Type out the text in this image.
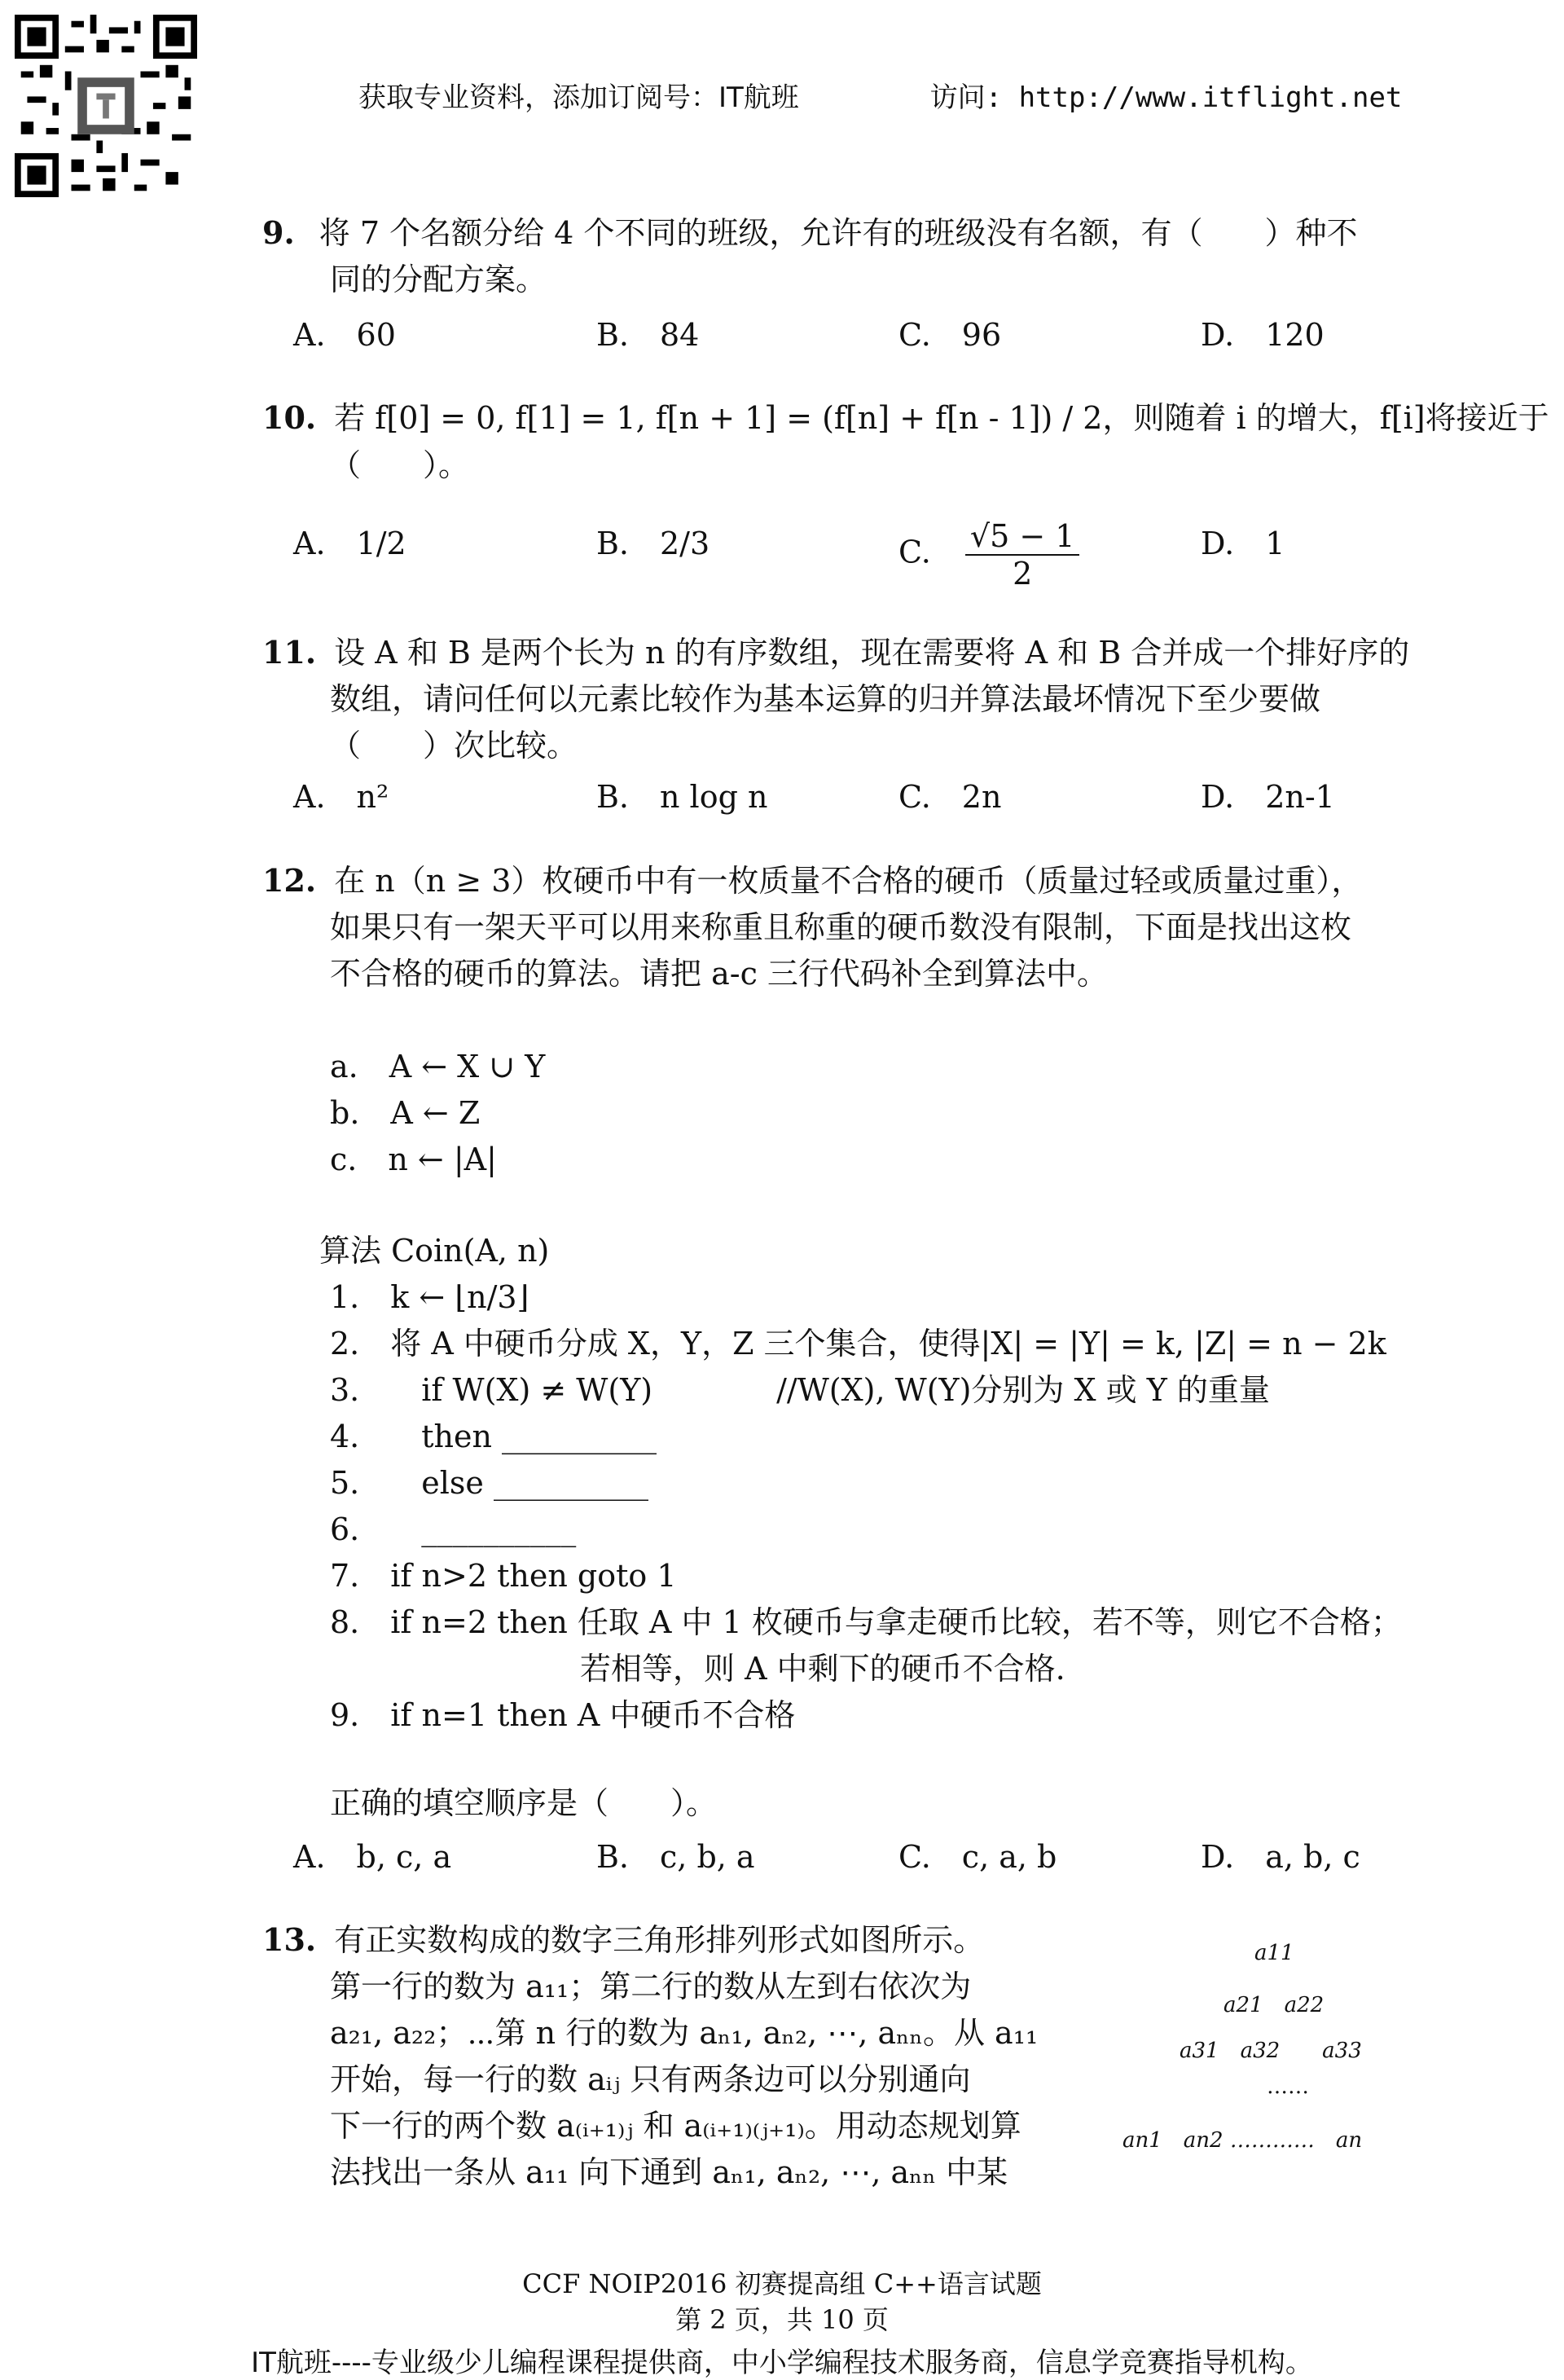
获取专业资料，添加订阅号：IT航班	访问: http://www.itflight.net
9. 将 7 个名额分给 4 个不同的班级，允许有的班级没有名额，有（　　）种不
同的分配方案。
A.　60	B.　84	C.　96	D.　120
10. 若 f[0] = 0, f[1] = 1, f[n + 1] = (f[n] + f[n - 1]) / 2，则随着 i 的增大，f[i]将接近于
（　　）。
A.　1/2	B.　2/3	C. $\frac{√5 - 1}{2}$	D.　1
11. 设 A 和 B 是两个长为 n 的有序数组，现在需要将 A 和 B 合并成一个排好序的
数组，请问任何以元素比较作为基本运算的归并算法最坏情况下至少要做
（　　）次比较。
A.　n²	B.　n log n	C.　2n	D.　2n-1
12. 在 n（n ≥ 3）枚硬币中有一枚质量不合格的硬币（质量过轻或质量过重），
如果只有一架天平可以用来称重且称重的硬币数没有限制，下面是找出这枚
不合格的硬币的算法。请把 a-c 三行代码补全到算法中。
a.　A ← X ∪ Y
b.　A ← Z
c.　n ← |A|
算法 Coin(A, n)
1.　k ← ⌊n/3⌋
2.　将 A 中硬币分成 X，Y，Z 三个集合，使得|X| = |Y| = k, |Z| = n − 2k
3.　　if W(X) ≠ W(Y)　　　　//W(X), W(Y)分别为 X 或 Y 的重量
4.　　then __________
5.　　else __________
6.　　__________
7.　if n>2 then goto 1
8.　if n=2 then 任取 A 中 1 枚硬币与拿走硬币比较，若不等，则它不合格；
若相等，则 A 中剩下的硬币不合格.
9.　if n=1 then A 中硬币不合格
正确的填空顺序是（　　）。
A.　b, c, a	B.　c, b, a	C.　c, a, b	D.　a, b, c
13. 有正实数构成的数字三角形排列形式如图所示。
第一行的数为 a₁₁；第二行的数从左到右依次为
a₂₁, a₂₂；⋯第 n 行的数为 aₙ₁, aₙ₂, ⋯, aₙₙ。从 a₁₁
开始，每一行的数 aᵢⱼ 只有两条边可以分别通向
下一行的两个数 a₍ᵢ₊₁₎ⱼ 和 a₍ᵢ₊₁₎₍ⱼ₊₁₎。用动态规划算
法找出一条从 a₁₁ 向下通到 aₙ₁, aₙ₂, ⋯, aₙₙ 中某
a11
a21　a22
a31　a32　　a33
……
an1　an2 …………　an
CCF NOIP2016 初赛提高组 C++语言试题
第 2 页，共 10 页
IT航班----专业级少儿编程课程提供商，中小学编程技术服务商，信息学竞赛指导机构。
